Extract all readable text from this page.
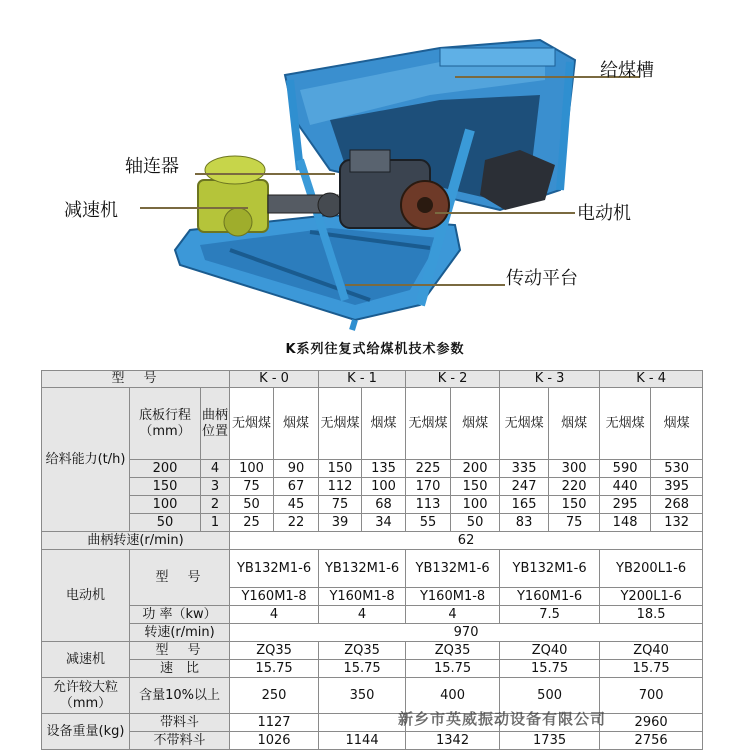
给煤槽
轴连器
减速机	电动机
传动平台
K系列往复式给煤机技术参数
型　号			K - 0		K - 1		K - 2		K - 3		K - 4	
给料能力(t/h)	底板行程（mm）	曲柄位置	无烟煤	烟煤	无烟煤	烟煤	无烟煤	烟煤	无烟煤	烟煤	无烟煤	烟煤
	200	4	100	90	150	135	225	200	335	300	590	530
	150	3	75	67	112	100	170	150	247	220	440	395
	100	2	50	45	75	68	113	100	165	150	295	268
	50	1	25	22	39	34	55	50	83	75	148	132
曲柄转速(r/min)			62									
电动机	型　号		YB132M1-6		YB132M1-6		YB132M1-6		YB132M1-6		YB200L1-6	
			Y160M1-8		Y160M1-8		Y160M1-8		Y160M1-6		Y200L1-6	
	功 率（kw）		4		4		4		7.5		18.5	
	转速(r/min)		970									
减速机	型　号		ZQ35		ZQ35		ZQ35		ZQ40		ZQ40	
	速　比		15.75		15.75		15.75		15.75		15.75	
允许较大粒（mm）	含量10%以上		250		350		400		500		700	
设备重量(kg)	带料斗		1127								2960	
	不带料斗		1026		1144		1342		1735		2756	
新乡市英威振动设备有限公司
